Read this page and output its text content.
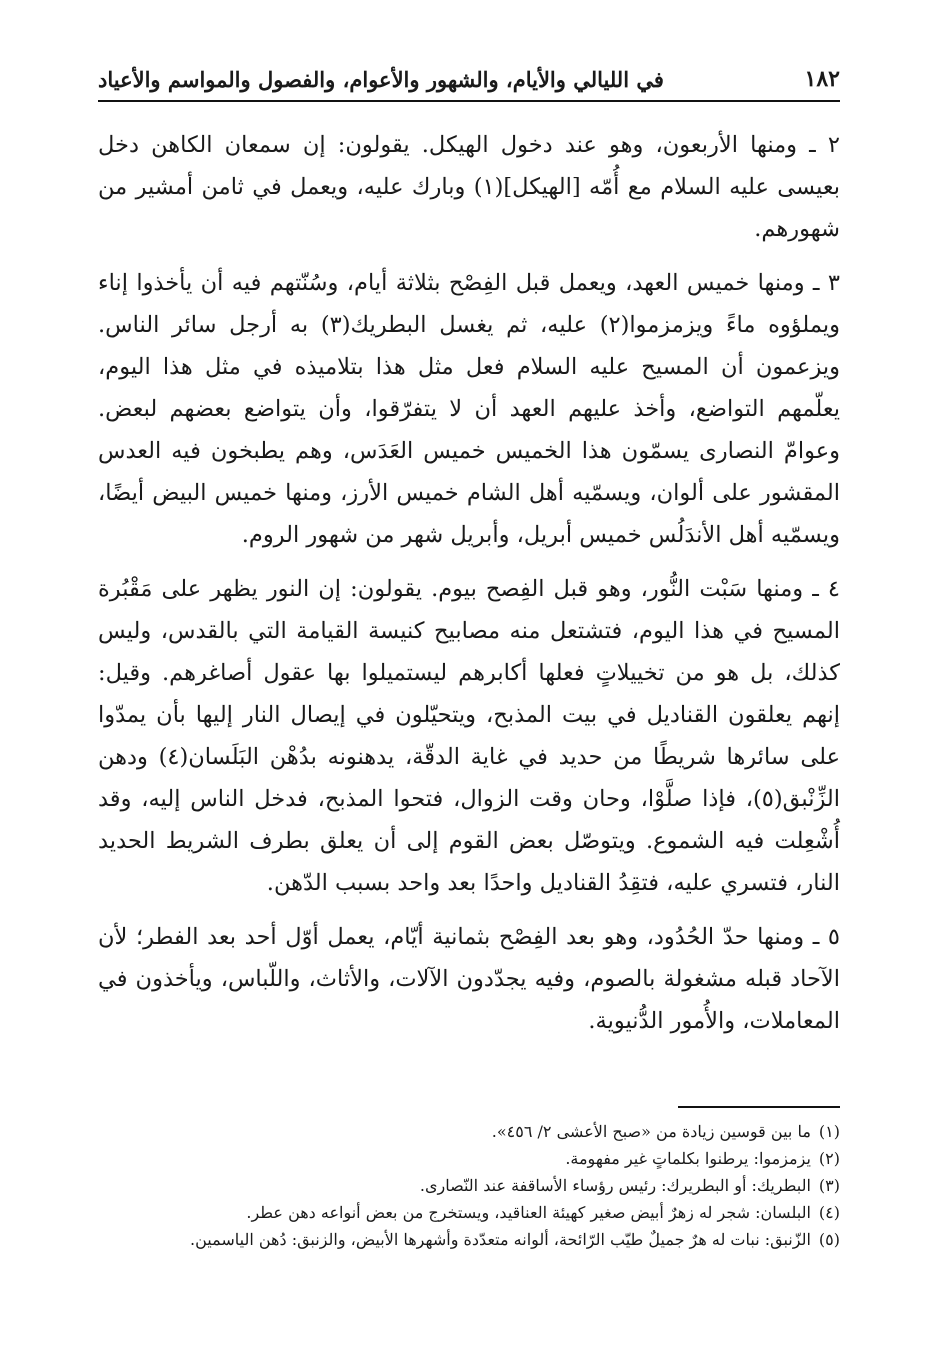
١٨٢
في الليالي والأيام، والشهور والأعوام، والفصول والمواسم والأعياد

٢ ـ ومنها الأربعون، وهو عند دخول الهيكل. يقولون: إن سمعان الكاهن دخل بعيسى عليه السلام مع أُمّه [الهيكل](١) وبارك عليه، ويعمل في ثامن أمشير من شهورهم.

٣ ـ ومنها خميس العهد، ويعمل قبل الفِصْح بثلاثة أيام، وسُنّتهم فيه أن يأخذوا إناء ويملؤوه ماءً ويزمزموا(٢) عليه، ثم يغسل البطريك(٣) به أرجل سائر الناس. ويزعمون أن المسيح عليه السلام فعل مثل هذا بتلاميذه في مثل هذا اليوم، يعلّمهم التواضع، وأخذ عليهم العهد أن لا يتفرّقوا، وأن يتواضع بعضهم لبعض. وعوامّ النصارى يسمّون هذا الخميس خميس العَدَس، وهم يطبخون فيه العدس المقشور على ألوان، ويسمّيه أهل الشام خميس الأرز، ومنها خميس البيض أيضًا، ويسمّيه أهل الأندَلُس خميس أبريل، وأبريل شهر من شهور الروم.

٤ ـ ومنها سَبْت النُّور، وهو قبل الفِصح بيوم. يقولون: إن النور يظهر على مَقْبُرة المسيح في هذا اليوم، فتشتعل منه مصابيح كنيسة القيامة التي بالقدس، وليس كذلك، بل هو من تخييلاتٍ فعلها أكابرهم ليستميلوا بها عقول أصاغرهم. وقيل: إنهم يعلقون القناديل في بيت المذبح، ويتحيّلون في إيصال النار إليها بأن يمدّوا على سائرها شريطًا من حديد في غاية الدقّة، يدهنونه بدُهْن البَلَسان(٤) ودهن الزِّنْبق(٥)، فإذا صلَّوْا، وحان وقت الزوال، فتحوا المذبح، فدخل الناس إليه، وقد أُشْعِلت فيه الشموع. ويتوصّل بعض القوم إلى أن يعلق بطرف الشريط الحديد النار، فتسري عليه، فتقِدُ القناديل واحدًا بعد واحد بسبب الدّهن.

٥ ـ ومنها حدّ الحُدُود، وهو بعد الفِصْح بثمانية أيّام، يعمل أوّل أحد بعد الفطر؛ لأن الآحاد قبله مشغولة بالصوم، وفيه يجدّدون الآلات، والأثاث، واللّباس، ويأخذون في المعاملات، والأُمور الدُّنيوية.

(١)
ما بين قوسين زيادة من «صبح الأعشى ٢/ ٤٥٦».
(٢)
يزمزموا: يرطنوا بكلماتٍ غير مفهومة.
(٣)
البطريك: أو البطريرك: رئيس رؤساء الأساقفة عند النّصارى.
(٤)
البلسان: شجر له زهرٌ أبيض صغير كهيئة العناقيد، ويستخرج من بعض أنواعه دهن عطر.
(٥)
الزّنبق: نبات له هرٌ جميلٌ طيّب الرّائحة، ألوانه متعدّدة وأشهرها الأبيض، والزنبق: دُهن الياسمين.
